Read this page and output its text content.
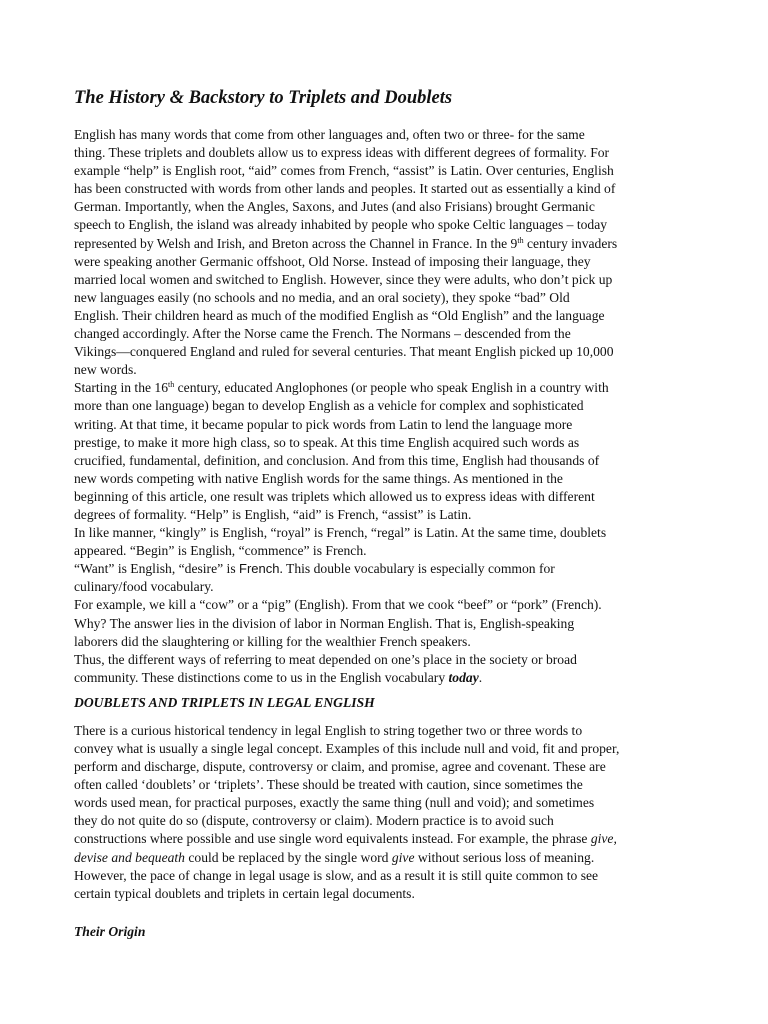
The History & Backstory to Triplets and Doublets
English has many words that come from other languages and, often two or three- for the same
thing. These triplets and doublets allow us to express ideas with different degrees of formality. For
example “help” is English root, “aid” comes from French, “assist” is Latin. Over centuries, English
has been constructed with words from other lands and peoples. It started out as essentially a kind of
German. Importantly, when the Angles, Saxons, and Jutes (and also Frisians) brought Germanic
speech to English, the island was already inhabited by people who spoke Celtic languages – today
represented by Welsh and Irish, and Breton across the Channel in France. In the 9th century invaders
were speaking another Germanic offshoot, Old Norse. Instead of imposing their language, they
married local women and switched to English. However, since they were adults, who don’t pick up
new languages easily (no schools and no media, and an oral society), they spoke “bad” Old
English. Their children heard as much of the modified English as “Old English” and the language
changed accordingly. After the Norse came the French. The Normans – descended from the
Vikings—conquered England and ruled for several centuries. That meant English picked up 10,000
new words.
Starting in the 16th century, educated Anglophones (or people who speak English in a country with
more than one language) began to develop English as a vehicle for complex and sophisticated
writing. At that time, it became popular to pick words from Latin to lend the language more
prestige, to make it more high class, so to speak. At this time English acquired such words as
crucified, fundamental, definition, and conclusion. And from this time, English had thousands of
new words competing with native English words for the same things. As mentioned in the
beginning of this article, one result was triplets which allowed us to express ideas with different
degrees of formality. “Help” is English, “aid” is French, “assist” is Latin.
In like manner, “kingly” is English, “royal” is French, “regal” is Latin. At the same time, doublets
appeared. “Begin” is English, “commence” is French.
“Want” is English, “desire” is French. This double vocabulary is especially common for
culinary/food vocabulary.
For example, we kill a “cow” or a “pig” (English). From that we cook “beef” or “pork” (French).
Why? The answer lies in the division of labor in Norman English. That is, English-speaking
laborers did the slaughtering or killing for the wealthier French speakers.
Thus, the different ways of referring to meat depended on one’s place in the society or broad
community. These distinctions come to us in the English vocabulary today.
DOUBLETS AND TRIPLETS IN LEGAL ENGLISH
There is a curious historical tendency in legal English to string together two or three words to
convey what is usually a single legal concept. Examples of this include null and void, fit and proper,
perform and discharge, dispute, controversy or claim, and promise, agree and covenant. These are
often called ‘doublets’ or ‘triplets’. These should be treated with caution, since sometimes the
words used mean, for practical purposes, exactly the same thing (null and void); and sometimes
they do not quite do so (dispute, controversy or claim). Modern practice is to avoid such
constructions where possible and use single word equivalents instead. For example, the phrase give,
devise and bequeath could be replaced by the single word give without serious loss of meaning.
However, the pace of change in legal usage is slow, and as a result it is still quite common to see
certain typical doublets and triplets in certain legal documents.
Their Origin
